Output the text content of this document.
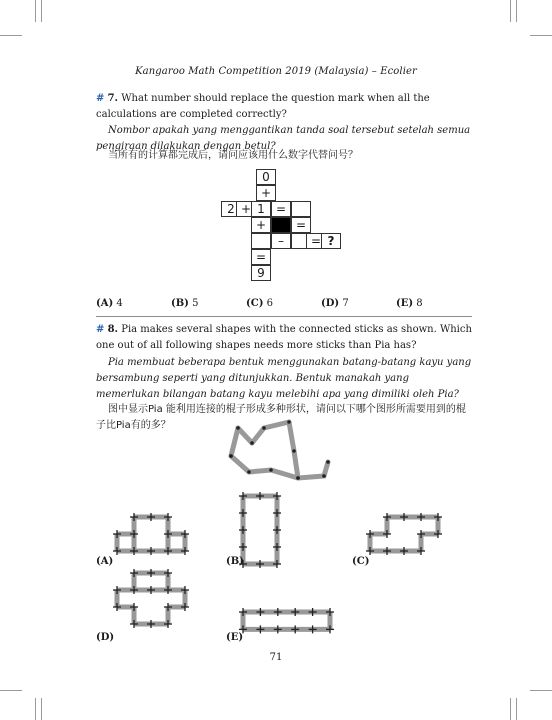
Kangaroo Math Competition 2019 (Malaysia) – Ecolier
# 7. What number should replace the question mark when all the calculations are completed correctly?
Nombor apakah yang menggantikan tanda soal tersebut setelah semua pengiraan dilakukan dengan betul?
当所有的计算都完成后，请问应该用什么数字代替问号？
0
+
2 + 1 =
+	=
–	= ?
=
9
(A) 4	(B) 5	(C) 6	(D) 7	(E) 8
# 8. Pia makes several shapes with the connected sticks as shown. Which one out of all following shapes needs more sticks than Pia has?
Pia membuat beberapa bentuk menggunakan batang-batang kayu yang bersambung seperti yang ditunjukkan. Bentuk manakah yang memerlukan bilangan batang kayu melebihi apa yang dimiliki oleh Pia?
图中显示Pia 能利用连接的棍子形成多种形状，请问以下哪个图形所需要用到的棍子比Pia有的多？
(A)	(B)	(C)
(D)	(E)
71
